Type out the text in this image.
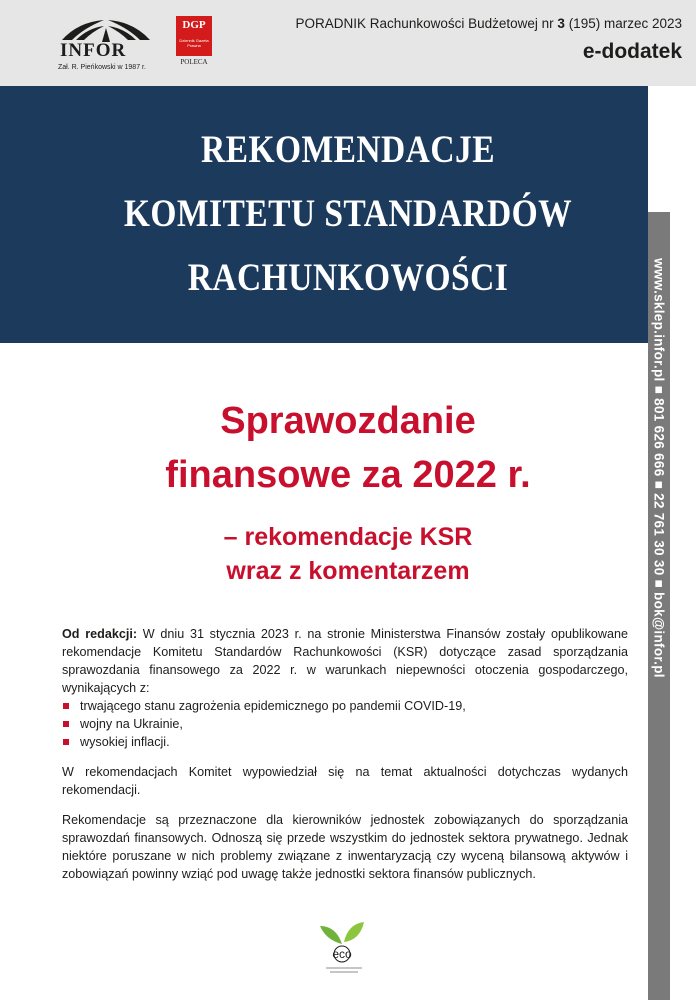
INFOR
Zał. R. Pieńkowski w 1987 r.
DGP
Dziennik Gazeta Prawna
POLECA
PORADNIK Rachunkowości Budżetowej nr 3 (195) marzec 2023
e-dodatek
REKOMENDACJE
KOMITETU STANDARDÓW
RACHUNKOWOŚCI	www.sklep.infor.pl ■ 801 626 666 ■ 22 761 30 30 ■ bok@infor.pl
Sprawozdanie
finansowe za 2022 r.
– rekomendacje KSR
wraz z komentarzem

Od redakcji: W dniu 31 stycznia 2023 r. na stronie Ministerstwa Finansów zostały opublikowane rekomendacje Komitetu Standardów Rachunkowości (KSR) dotyczące zasad sporządzania sprawozdania finansowego za 2022 r. w warunkach niepewności otoczenia gospodarczego, wynikających z:

trwającego stanu zagrożenia epidemicznego po pandemii COVID-19,
wojny na Ukrainie,
wysokiej inflacji.

W rekomendacjach Komitet wypowiedział się na temat aktualności dotychczas wydanych rekomendacji.

Rekomendacje są przeznaczone dla kierowników jednostek zobowiązanych do sporządzania sprawozdań finansowych. Odnoszą się przede wszystkim do jednostek sektora prywatnego. Jednak niektóre poruszane w nich problemy związane z inwentaryzacją czy wyceną bilansową aktywów i zobowiązań powinny wziąć pod uwagę także jednostki sektora finansów publicznych.

eco
